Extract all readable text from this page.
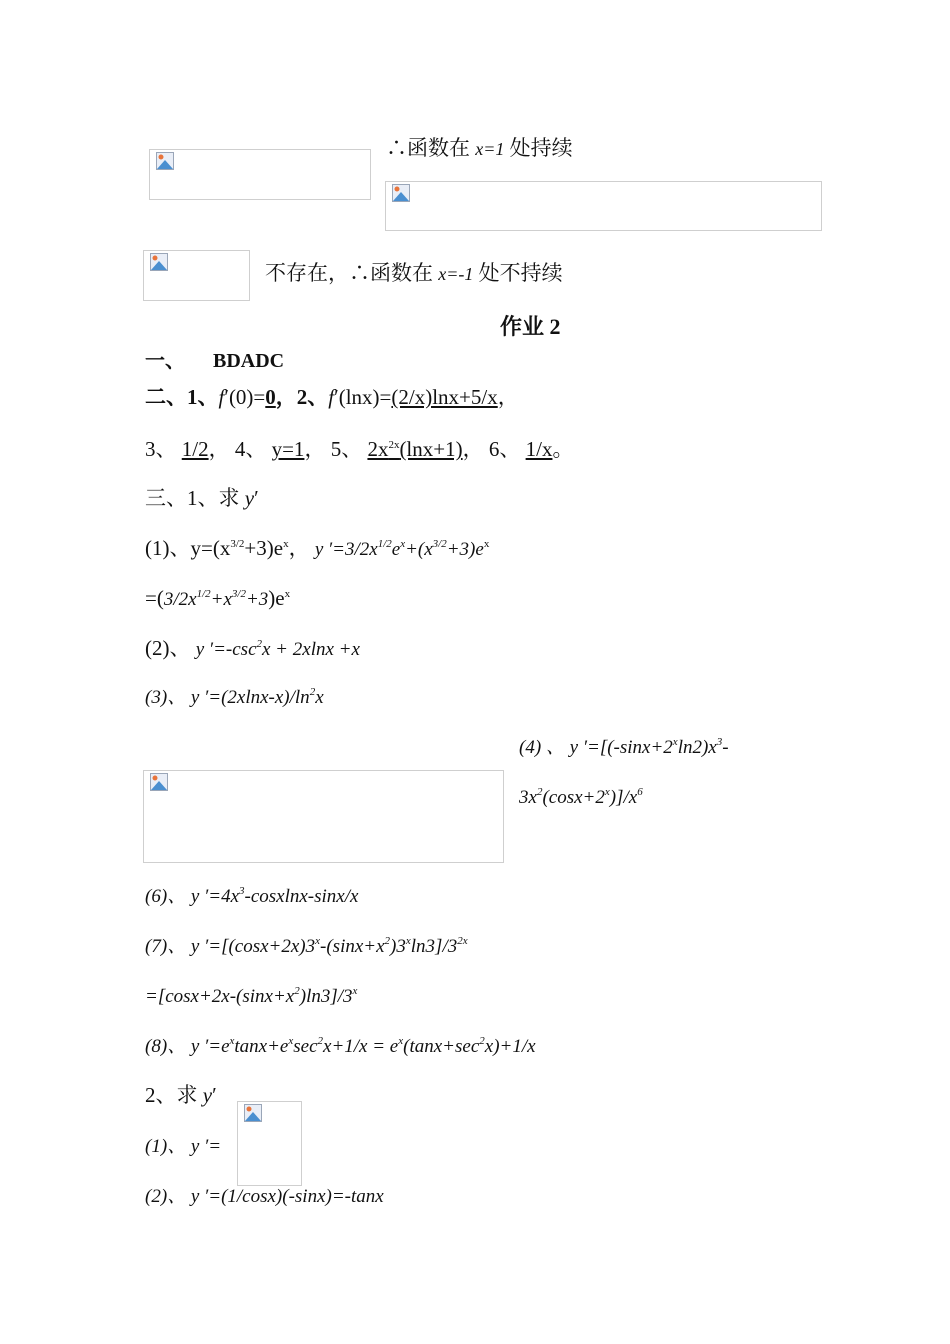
∴函数在 x=1 处持续
不存在，∴函数在 x=-1 处不持续
作业 2
一、 BDADC
二、1、f′(0)=0，2、f′(lnx)=(2/x)lnx+5/x，
3、 1/2， 4、 y=1， 5、 $2x^{2x}(\ln x+1)$， 6、 1/x。
三、1、求 y′
(1)、$y=(x^{3/2}+3)e^x$， y $'=3/2x^{1/2}e^x+(x^{3/2}+3)e^x$
$=(3/2x^{1/2}+x^{3/2}+3)e^x$
(2)、 y $'=-\csc^2x + 2xlnx +x$
(3)、 y $'=(2xlnx-x)/\ln^2x$
(4) 、 y $'=[(-\sin x+2^x\ln 2)x^3-$
$3x^2(\cos x+2^x)]/x^6$
(6)、 y $'=4x^3-cosxlnx-\sin x/x$
(7)、 y $'=[(\cos x+2x)3^x-(\sin x+x^2)3^x\ln 3]/3^{2x}$
$=[\cos x+2x-(\sin x+x^2)\ln 3]/3^x$
(8)、 y $'=e^x\tan x+e^x\sec^2x+1/x = e^x(\tan x+\sec^2x)+1/x$
2、求 y′
(1)、 y ′=
(2)、 y ′=(1/cosx)(-sinx)=-tanx
